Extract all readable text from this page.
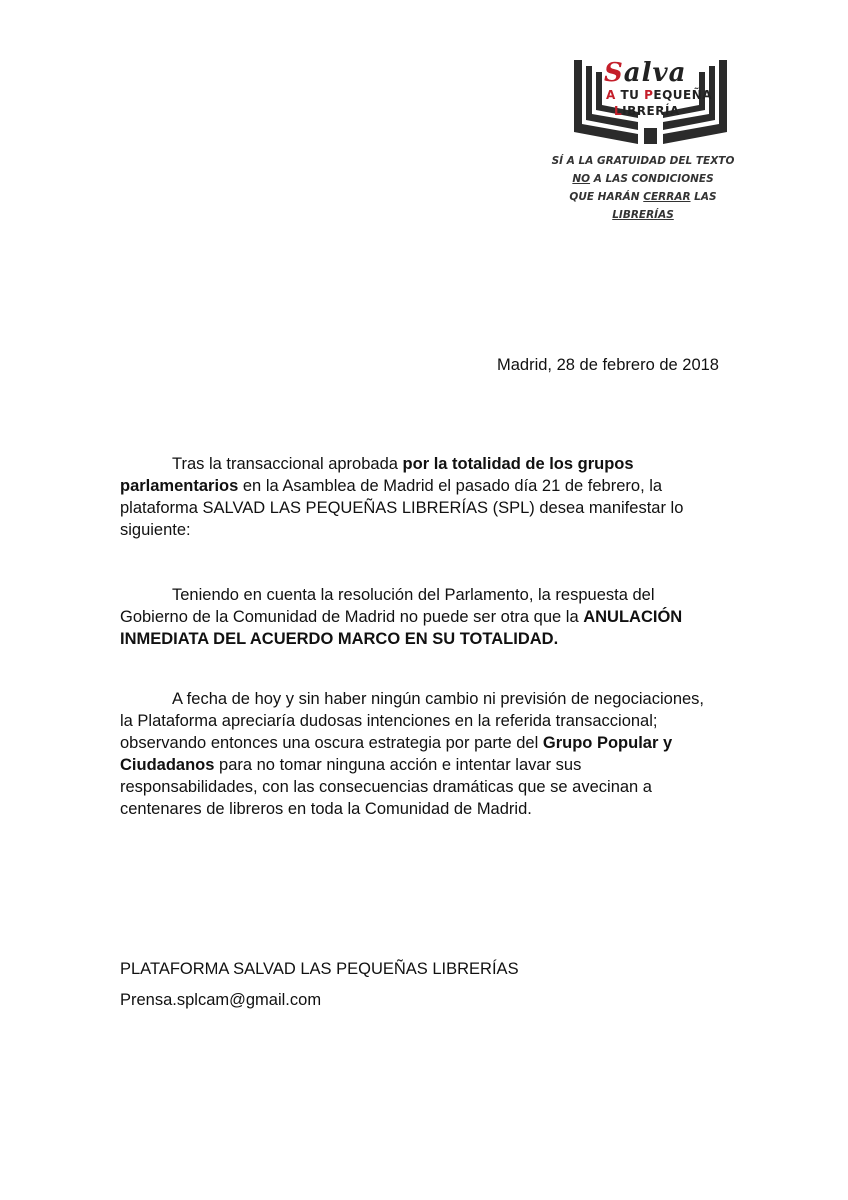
Salva
A TU PEQUEÑA
LIBRERÍA
SÍ A LA GRATUIDAD DEL TEXTO
NO A LAS CONDICIONES
QUE HARÁN CERRAR LAS LIBRERÍAS
Madrid, 28 de febrero de 2018

Tras la transaccional aprobada por la totalidad de los grupos parlamentarios en la Asamblea de Madrid el pasado día 21 de febrero, la plataforma SALVAD LAS PEQUEÑAS LIBRERÍAS (SPL) desea manifestar lo siguiente:

Teniendo en cuenta la resolución del Parlamento, la respuesta del Gobierno de la Comunidad de Madrid no puede ser otra que la ANULACIÓN INMEDIATA DEL ACUERDO MARCO EN SU TOTALIDAD.

A fecha de hoy y sin haber ningún cambio ni previsión de negociaciones, la Plataforma apreciaría dudosas intenciones en la referida transaccional; observando entonces una oscura estrategia por parte del Grupo Popular y Ciudadanos para no tomar ninguna acción e intentar lavar sus responsabilidades, con las consecuencias dramáticas que se avecinan a centenares de libreros en toda la Comunidad de Madrid.

PLATAFORMA SALVAD LAS PEQUEÑAS LIBRERÍAS
Prensa.splcam@gmail.com
